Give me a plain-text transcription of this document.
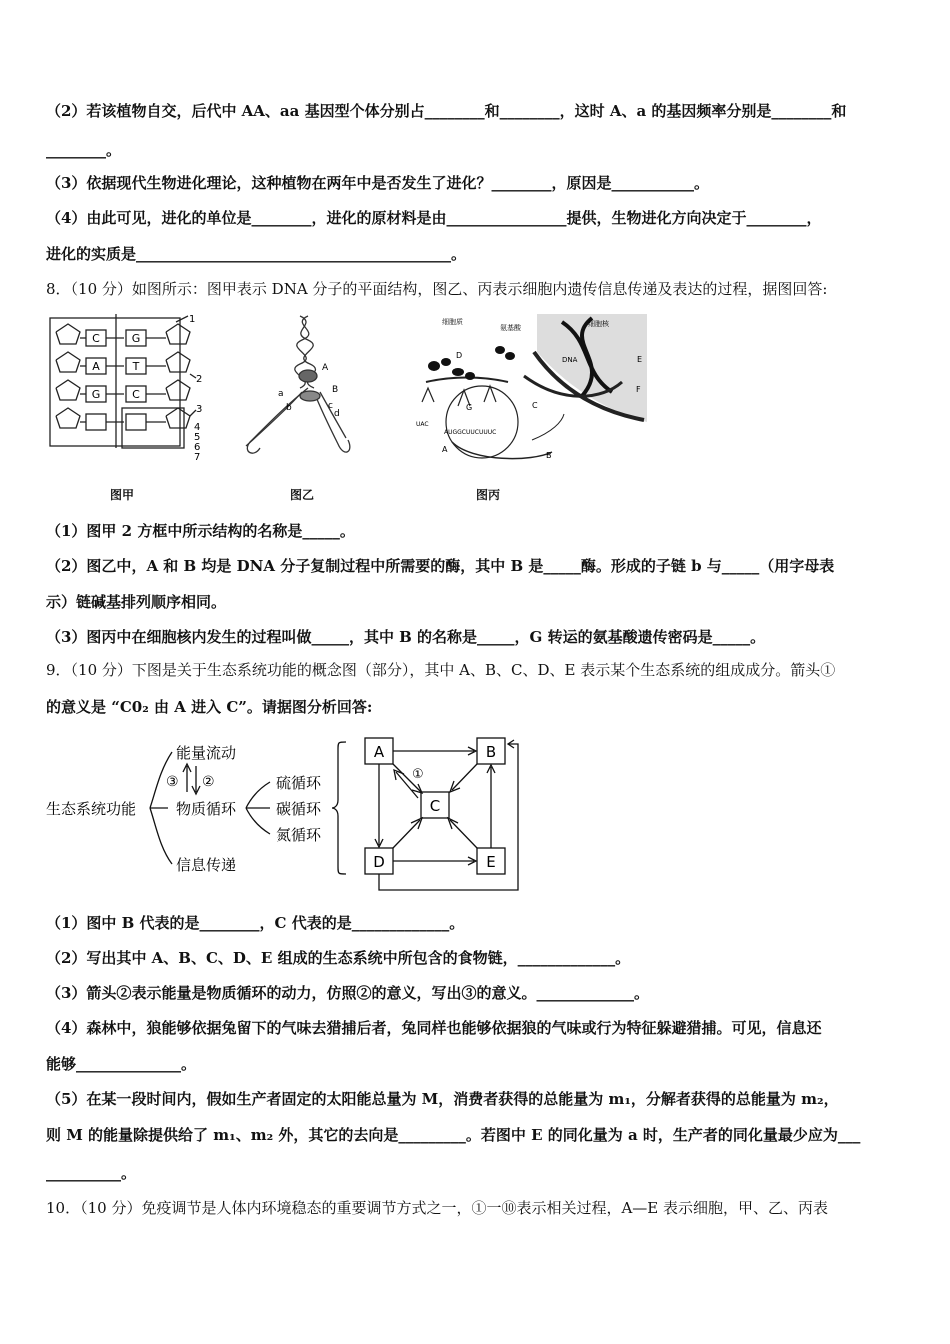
（2）若该植物自交，后代中 AA、aa 基因型个体分别占________和________，这时 A、a 的基因频率分别是________和
________。
（3）依据现代生物进化理论，这种植物在两年中是否发生了进化？________，原因是___________。
（4）由此可见，进化的单位是________，进化的原材料是由________________提供，生物进化方向决定于________，
进化的实质是__________________________________________。
8．（10 分）如图所示：图甲表示 DNA 分子的平面结构，图乙、丙表示细胞内遗传信息传递及表达的过程，据图回答:
（1）图甲 2 方框中所示结构的名称是_____。
（2）图乙中，A 和 B 均是 DNA 分子复制过程中所需要的酶，其中 B 是_____酶。形成的子链 b 与_____（用字母表
示）链碱基排列顺序相同。
（3）图丙中在细胞核内发生的过程叫做_____，其中 B 的名称是_____，G 转运的氨基酸遗传密码是_____。
9．（10 分）下图是关于生态系统功能的概念图（部分），其中 A、B、C、D、E 表示某个生态系统的组成成分。箭头①
的意义是 “C0₂ 由 A 进入 C”。请据图分析回答:
（1）图中 B 代表的是________，C 代表的是_____________。
（2）写出其中 A、B、C、D、E 组成的生态系统中所包含的食物链，_____________。
（3）箭头②表示能量是物质循环的动力，仿照②的意义，写出③的意义。_____________。
（4）森林中，狼能够依据兔留下的气味去猎捕后者，兔同样也能够依据狼的气味或行为特征躲避猎捕。可见，信息还
能够______________。
（5）在某一段时间内，假如生产者固定的太阳能总量为 M，消费者获得的总能量为 m₁，分解者获得的总能量为 m₂，
则 M 的能量除提供给了 m₁、m₂ 外，其它的去向是_________。若图中 E 的同化量为 a 时，生产者的同化量最少应为___
__________。
10．（10 分）免疫调节是人体内环境稳态的重要调节方式之一，①一⑩表示相关过程，A—E 表示细胞，甲、乙、丙表
C	G
A	T
G	C
1
2
3
4
5
6
7
图甲
A
B
a
b	c
d
图乙
细胞质
氨基酸	细胞核
D
C
G
E
F
A
B
UAC
DNA
AUGGCUUCUUUC
图丙
生态系统功能
能量流动
物质循环
信息传递
③ ②	硫循环
碳循环
氮循环
A	B
C
D	E
①
